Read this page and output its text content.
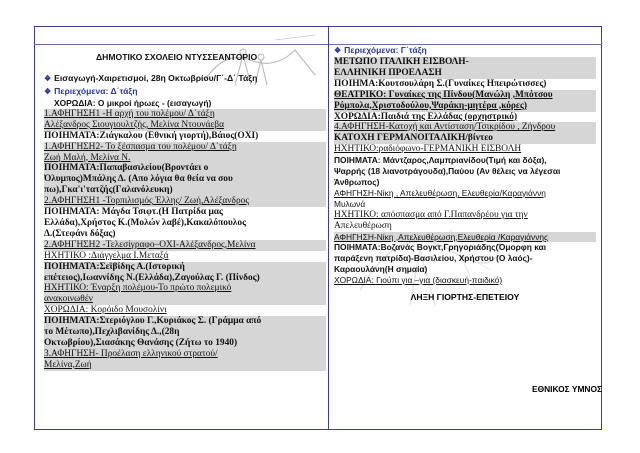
ΔΗΜΟΤΙΚΟ ΣΧΟΛΕΙΟ ΝΤΥΣΣΕΑΝΤΟΡΙΟ
❖ Εισαγωγή-Χαιρετισμοί, 28η Οκτωβρίου/Γ΄-Δ΄ Τάξη
❖ Περιεχόμενα: Δ΄τάξη
ΧΟΡΩΔΙΑ: Ο μικροί ήρωες - (εισαγωγή)
1.ΑΦΗΓΗΣΗ1 -Η αρχή του πολέμου/ Δ΄τάξη
Αλέξανδρος Σιουγιουλτζής, Μελίνα Ντουνάεβα
ΠΟΙΗΜΑΤΑ:Ζιάγκαλου (Εθνική γιορτή),Βάιος(ΟΧΙ)
1.ΑΦΗΓΗΣΗ2- Το ξέσπασμα του πολέμου/ Δ΄τάξη
Ζωή Μαλή, Μελίνα Ν.
ΠΟΙΗΜΑΤΑ:Παπαβασιλείου(Βροντάει ο
Όλυμπος)Μπάλης Δ. (Απο λόγια θα θεία να σου
πω),Γκα'ι'τατζής(Γαλανόλευκη)
2.ΑΦΗΓΗΣΗ1 -Τορπιλισμός Έλλης/ Ζωή,Αλέξανδρος
ΠΟΙΗΜΑΤΑ: Μάγδα Τσιφτ.(Η Πατρίδα μας
Ελλάδα),Χρήστος Κ.(Μολών λαβέ),Κακαλόπουλος
Δ.(Στεφάνι δόξας)
2.ΑΦΗΓΗΣΗ2 -Τελεσίγραφο–ΟΧΙ-Αλέξανδρος,Μελίνα
ΗΧΗΤΙΚΟ :Διάγγελμα Ι.Μεταξά
ΠΟΙΗΜΑΤΑ:Σεϊβίδης Α.(Ιστορική
επέτειος),Ιωαννίδης Ν.(Ελλάδα),Ζαγούλας Γ. (Πίνδος)
ΗΧΗΤΙΚΟ: Έναρξη πολέμου-Το πρώτο πολεμικό
ανακοινωθέν
ΧΟΡΩΔΙΑ: Κορόιδο Μουσολίνι
ΠΟΙΗΜΑΤΑ:Στεριόγλου Γ.,Κυριάκος Σ. (Γράμμα από
το Μέτωπο),Πεχλιβανίδης Δ.,(28η
Οκτωβρίου),Σιασάκης Θανάσης (Ζήτω το 1940)
3.ΑΦΗΓΗΣΗ- Προέλαση ελληνικού στρατού/
Μελίνα,Ζωή
❖ Περιεχόμενα: Γ΄τάξη
ΜΕΤΩΠΟ ΙΤΑΛΙΚΗ ΕΙΣΒΟΛΗ-
ΕΛΛΗΝΙΚΗ ΠΡΟΕΛΑΣΗ
ΠΟΙΗΜΑ:Κουτσουλάρη Σ.(Γυναίκες Ηπειρώτισσες)
ΘΕΑΤΡΙΚΟ: Γυναίκες της Πίνδου(Μανώλη ,Μπότσου
Ρόμπολα,Χριστοδούλου,Ψαράκη-μητέρα ,κόρες)
ΧΟΡΩΔΙΑ:Παιδιά της Ελλάδας (ορχηστρικό)
4.ΑΦΗΓΗΣΗ-Κατοχή και Αντίσταση/Τσικρίδου , Ζήνδρου
ΚΑΤΟΧΗ ΓΕΡΜΑΝΟΙΤΑΛΙΚΗ/βίντεο
ΗΧΗΤΙΚΟ:ραδιόφωνο-ΓΕΡΜΑΝΙΚΗ ΕΙΣΒΟΛΗ
ΠΟΙΗΜΑΤΑ: Μάντζαρος,Λαμπριανίδου(Τιμή και δόξα),
Ψαρρής (18 λιανοτράγουδα),Παύου (Αν θέλεις να λέγεσαι
Άνθρωπος)
ΑΦΗΓΗΣΗ-Νίκη , Απελευθέρωση, Ελευθερία/Καραγιάννη
Μυλωνά
ΗΧΗΤΙΚΟ: απόσπασμα από Γ.Παπανδρέου για την
Απελευθέρωση
ΑΦΗΓΗΣΗ-Νίκη ,Απελευθέρωση,Ελευθερία /Καραγιάννης
ΠΟΙΗΜΑΤΑ:Βοζανάς Βογκτ,Γρηγοριάδης(Όμορφη και
παράξενη πατρίδα)-Βασιλείου, Χρήστου (Ο λαός)-
Καραουλάνη(Η σημαία)
ΧΟΡΩΔΙΑ: Γιούπι για –για (διασκευή-παιδικό)
ΛΗΞΗ ΓΙΟΡΤΗΣ-ΕΠΕΤΕΙΟΥ
ΕΘΝΙΚΟΣ ΥΜΝΟΣ
